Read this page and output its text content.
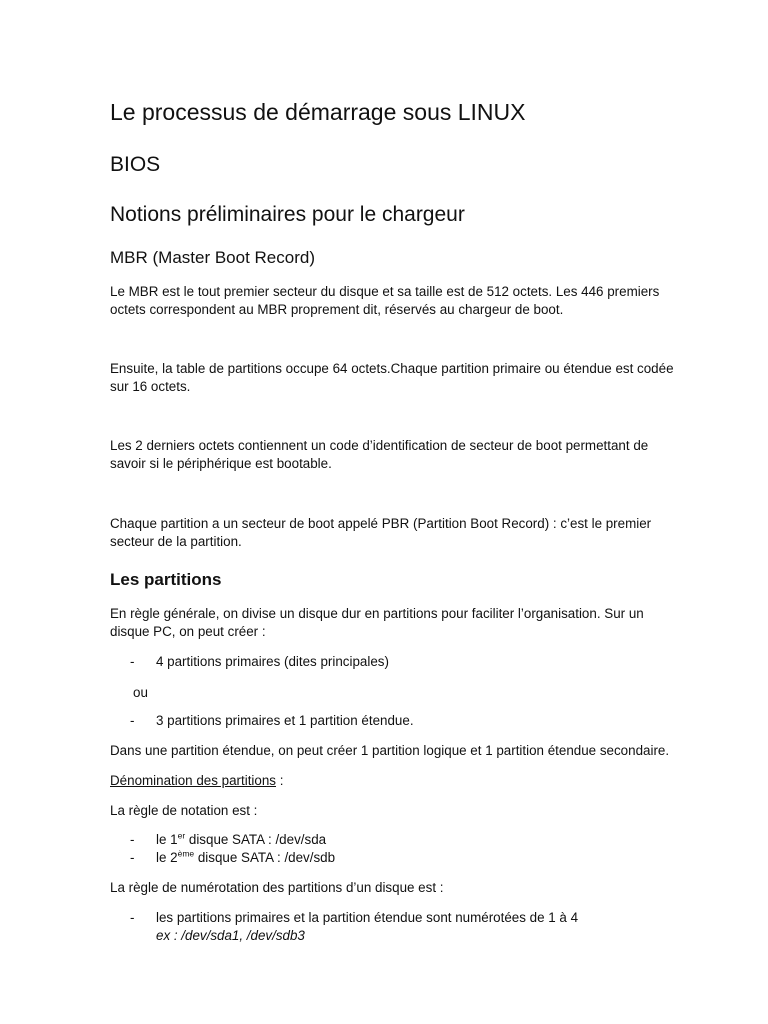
Le processus de démarrage sous LINUX
BIOS
Notions préliminaires pour le chargeur
MBR (Master Boot Record)
Le MBR est le tout premier secteur du disque et sa taille est de 512 octets. Les 446 premiers
octets correspondent au MBR proprement dit, réservés au chargeur de boot.
Ensuite, la table de partitions occupe 64 octets.Chaque partition primaire ou étendue est codée
sur 16 octets.
Les 2 derniers octets contiennent un code d’identification de secteur de boot permettant de
savoir si le périphérique est bootable.
Chaque partition a un secteur de boot appelé PBR (Partition Boot Record) : c’est le premier
secteur de la partition.
Les partitions
En règle générale, on divise un disque dur en partitions pour faciliter l’organisation. Sur un
disque PC, on peut créer :
- 4 partitions primaires (dites principales)
ou
- 3 partitions primaires et 1 partition étendue.
Dans une partition étendue, on peut créer 1 partition logique et 1 partition étendue secondaire.
Dénomination des partitions :
La règle de notation est :
- le 1er disque SATA : /dev/sda
- le 2ème disque SATA : /dev/sdb
La règle de numérotation des partitions d’un disque est :
- les partitions primaires et la partition étendue sont numérotées de 1 à 4
ex : /dev/sda1, /dev/sdb3
